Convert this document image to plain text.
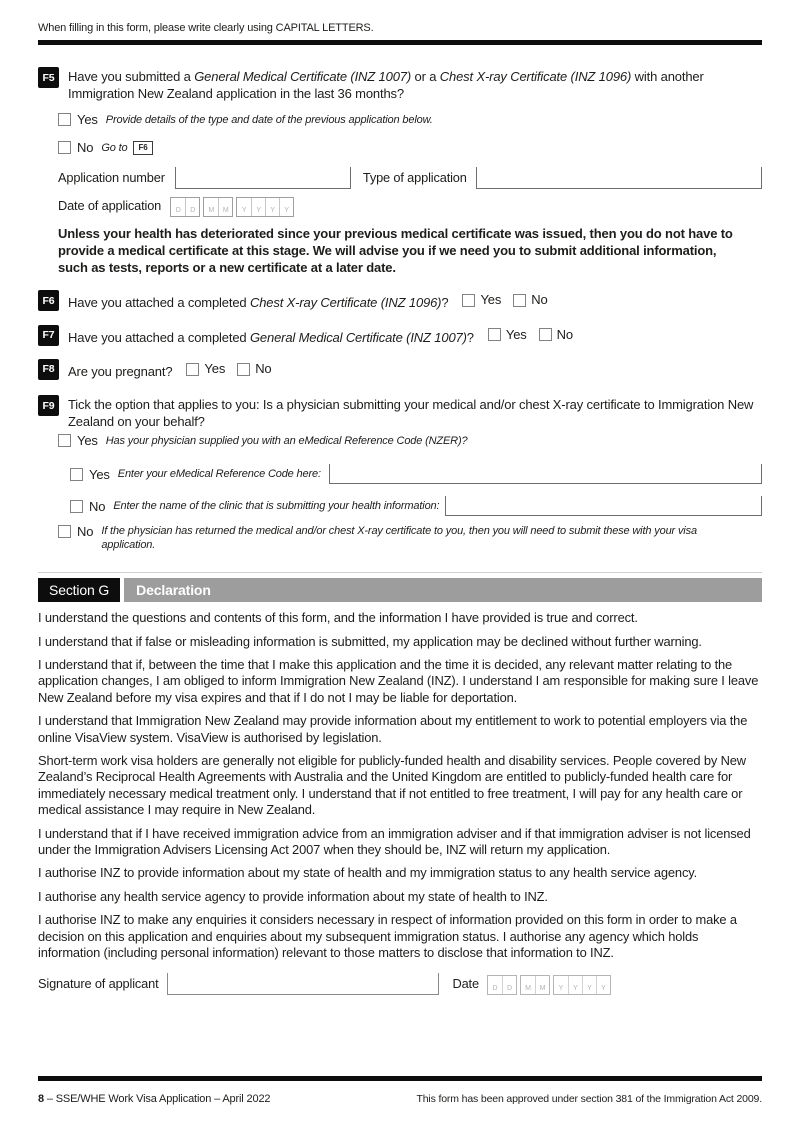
When filling in this form, please write clearly using CAPITAL LETTERS.
F5	Have you submitted a General Medical Certificate (INZ 1007) or a Chest X-ray Certificate (INZ 1096) with another Immigration New Zealand application in the last 36 months?
Yes Provide details of the type and date of the previous application below.
No Go to	F6
Application number	Type of application
Date of application	D	D	M	M	Y	Y	Y	Y

Unless your health has deteriorated since your previous medical certificate was issued, then you do not have to provide a medical certificate at this stage. We will advise you if we need you to submit additional information, such as tests, reports or a new certificate at a later date.

F6	Have you attached a completed Chest X-ray Certificate (INZ 1096)? Yes No
F7	Have you attached a completed General Medical Certificate (INZ 1007)? Yes No
F8	Are you pregnant? Yes No
F9	Tick the option that applies to you: Is a physician submitting your medical and/or chest X-ray certificate to Immigration New Zealand on your behalf?
Yes Has your physician supplied you with an eMedical Reference Code (NZER)?
Yes Enter your eMedical Reference Code here:
No Enter the name of the clinic that is submitting your health information:
No If the physician has returned the medical and/or chest X-ray certificate to you, then you will need to submit these with your visa application.
Section G	Declaration

I understand the questions and contents of this form, and the information I have provided is true and correct.

I understand that if false or misleading information is submitted, my application may be declined without further warning.

I understand that if, between the time that I make this application and the time it is decided, any relevant matter relating to the application changes, I am obliged to inform Immigration New Zealand (INZ). I understand I am responsible for making sure I leave New Zealand before my visa expires and that if I do not I may be liable for deportation.

I understand that Immigration New Zealand may provide information about my entitlement to work to potential employers via the online VisaView system. VisaView is authorised by legislation.

Short-term work visa holders are generally not eligible for publicly-funded health and disability services. People covered by New Zealand’s Reciprocal Health Agreements with Australia and the United Kingdom are entitled to publicly-funded health care for immediately necessary medical treatment only. I understand that if not entitled to free treatment, I will pay for any health care or medical assistance I may require in New Zealand.

I understand that if I have received immigration advice from an immigration adviser and if that immigration adviser is not licensed under the Immigration Advisers Licensing Act 2007 when they should be, INZ will return my application.

I authorise INZ to provide information about my state of health and my immigration status to any health service agency.

I authorise any health service agency to provide information about my state of health to INZ.

I authorise INZ to make any enquiries it considers necessary in respect of information provided on this form in order to make a decision on this application and enquiries about my subsequent immigration status. I authorise any agency which holds information (including personal information) relevant to those matters to disclose that information to INZ.

Signature of applicant	Date	D	D	M	M	Y	Y	Y	Y
8 – SSE/WHE Work Visa Application – April 2022	This form has been approved under section 381 of the Immigration Act 2009.
